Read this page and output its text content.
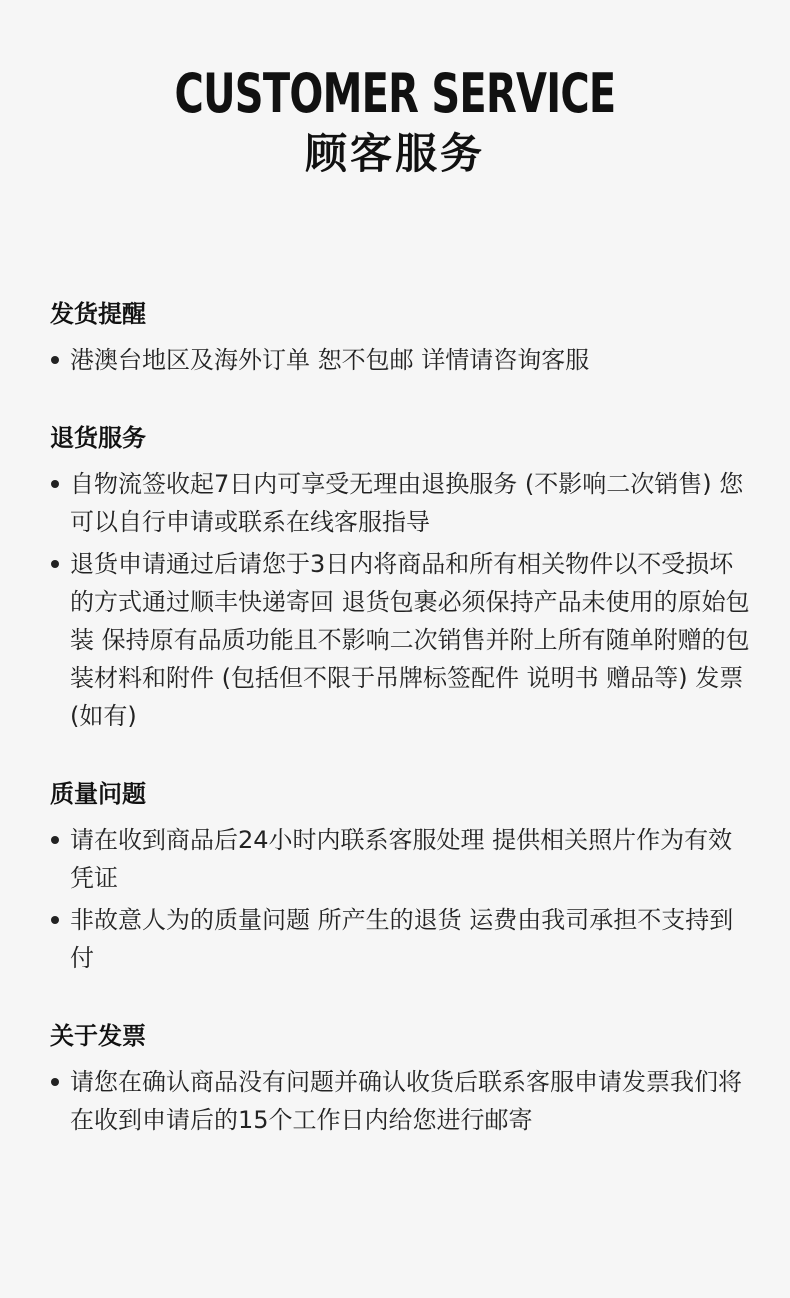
CUSTOMER SERVICE
顾客服务
发货提醒
港澳台地区及海外订单 恕不包邮 详情请咨询客服
退货服务
自物流签收起7日内可享受无理由退换服务 (不影响二次销售) 您可以自行申请或联系在线客服指导
退货申请通过后请您于3日内将商品和所有相关物件以不受损坏的方式通过顺丰快递寄回 退货包裹必须保持产品未使用的原始包装 保持原有品质功能且不影响二次销售并附上所有随单附赠的包装材料和附件 (包括但不限于吊牌标签配件 说明书 赠品等) 发票 (如有)
质量问题
请在收到商品后24小时内联系客服处理 提供相关照片作为有效凭证
非故意人为的质量问题 所产生的退货 运费由我司承担不支持到付
关于发票
请您在确认商品没有问题并确认收货后联系客服申请发票我们将在收到申请后的15个工作日内给您进行邮寄
